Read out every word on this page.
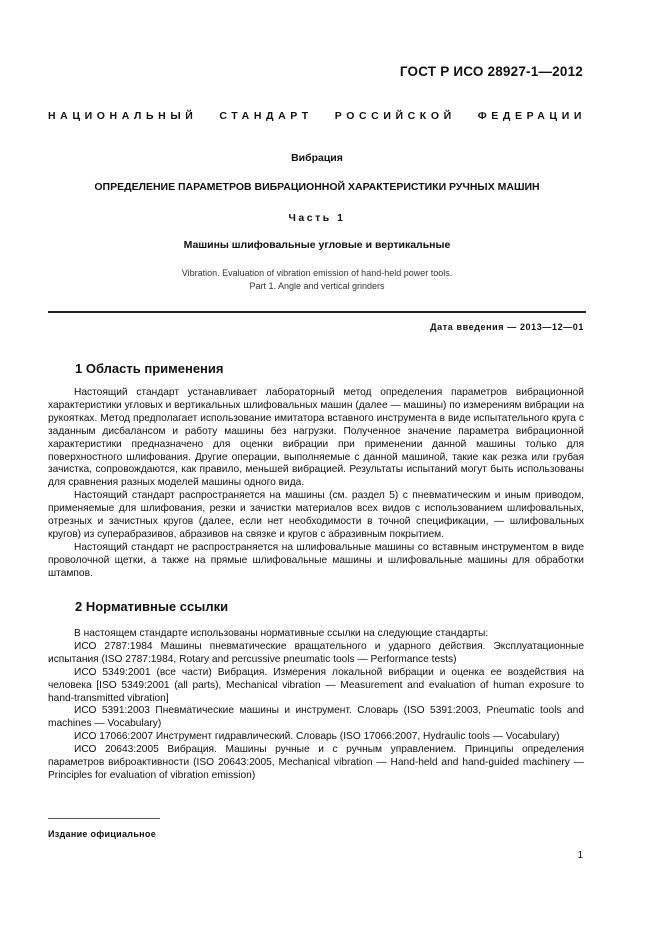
ГОСТ Р ИСО 28927-1—2012
НАЦИОНАЛЬНЫЙ СТАНДАРТ РОССИЙСКОЙ ФЕДЕРАЦИИ
Вибрация
ОПРЕДЕЛЕНИЕ ПАРАМЕТРОВ ВИБРАЦИОННОЙ ХАРАКТЕРИСТИКИ РУЧНЫХ МАШИН
Часть 1
Машины шлифовальные угловые и вертикальные
Vibration. Evaluation of vibration emission of hand-held power tools.
Part 1. Angle and vertical grinders
Дата введения — 2013—12—01
1 Область применения

Настоящий стандарт устанавливает лабораторный метод определения параметров вибрационной характеристики угловых и вертикальных шлифовальных машин (далее — машины) по измерениям вибрации на рукоятках. Метод предполагает использование имитатора вставного инструмента в виде испытательного круга с заданным дисбалансом и работу машины без нагрузки. Полученное значение параметра вибрационной характеристики предназначено для оценки вибрации при применении данной машины только для поверхностного шлифования. Другие операции, выполняемые с данной машиной, такие как резка или грубая зачистка, сопровождаются, как правило, меньшей вибрацией. Результаты испытаний могут быть использованы для сравнения разных моделей машины одного вида.

Настоящий стандарт распространяется на машины (см. раздел 5) с пневматическим и иным приводом, применяемые для шлифования, резки и зачистки материалов всех видов с использованием шлифовальных, отрезных и зачистных кругов (далее, если нет необходимости в точной спецификации, — шлифовальных кругов) из суперабразивов, абразивов на связке и кругов с абразивным покрытием.

Настоящий стандарт не распространяется на шлифовальные машины со вставным инструментом в виде проволочной щетки, а также на прямые шлифовальные машины и шлифовальные машины для обработки штампов.

2 Нормативные ссылки

В настоящем стандарте использованы нормативные ссылки на следующие стандарты:

ИСО 2787:1984 Машины пневматические вращательного и ударного действия. Эксплуатационные испытания (ISO 2787:1984, Rotary and percussive pneumatic tools — Performance tests)

ИСО 5349:2001 (все части) Вибрация. Измерения локальной вибрации и оценка ее воздействия на человека [ISO 5349:2001 (all parts), Mechanical vibration — Measurement and evaluation of human exposure to hand-transmitted vibration]

ИСО 5391:2003 Пневматические машины и инструмент. Словарь (ISO 5391:2003, Pneumatic tools and machines — Vocabulary)

ИСО 17066:2007 Инструмент гидравлический. Словарь (ISO 17066:2007, Hydraulic tools — Vocabulary)

ИСО 20643:2005 Вибрация. Машины ручные и с ручным управлением. Принципы определения параметров виброактивности (ISO 20643:2005, Mechanical vibration — Hand-held and hand-guided machinery — Principles for evaluation of vibration emission)

Издание официальное
1
